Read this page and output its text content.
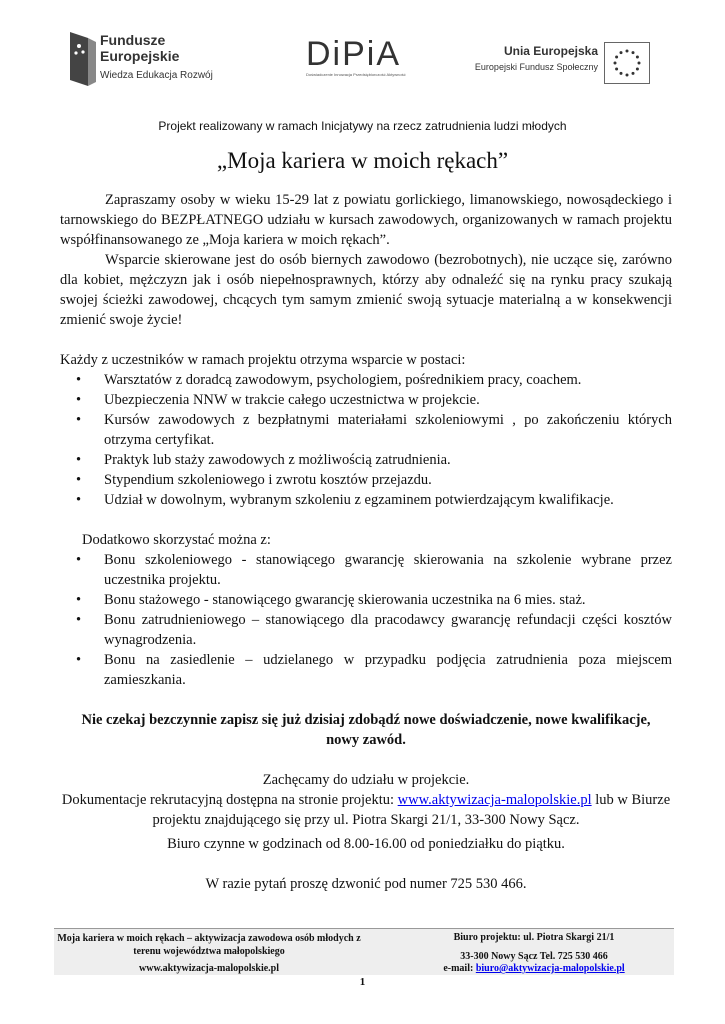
Fundusze
Europejskie
Wiedza Edukacja Rozwój
DiPiA
Doświadczenie Innowacja Przedsiębiorczość Aktywność
Unia Europejska
Europejski Fundusz Społeczny
Projekt realizowany w ramach Inicjatywy na rzecz zatrudnienia ludzi młodych
„Moja kariera w moich rękach”

Zapraszamy osoby w wieku 15-29 lat z powiatu gorlickiego, limanowskiego, nowosądeckiego i tarnowskiego do BEZPŁATNEGO udziału w kursach zawodowych, organizowanych w ramach projektu współfinansowanego ze „Moja kariera w moich rękach”.

Wsparcie skierowane jest do osób biernych zawodowo (bezrobotnych), nie uczące się, zarówno dla kobiet, mężczyzn jak i osób niepełnosprawnych, którzy aby odnaleźć się na rynku pracy szukają swojej ścieżki zawodowej, chcących tym samym zmienić swoją sytuacje materialną a w konsekwencji zmienić swoje życie!

Każdy z uczestników w ramach projektu otrzyma wsparcie w postaci:

• Warsztatów z doradcą zawodowym, psychologiem, pośrednikiem pracy, coachem.
• Ubezpieczenia NNW w trakcie całego uczestnictwa w projekcie.
• Kursów zawodowych z bezpłatnymi materiałami szkoleniowymi , po zakończeniu których otrzyma certyfikat.
• Praktyk lub staży zawodowych z możliwością zatrudnienia.
• Stypendium szkoleniowego i zwrotu kosztów przejazdu.
• Udział w dowolnym, wybranym szkoleniu z egzaminem potwierdzającym kwalifikacje.

Dodatkowo skorzystać można z:

• Bonu szkoleniowego - stanowiącego gwarancję skierowania na szkolenie wybrane przez uczestnika projektu.
• Bonu stażowego - stanowiącego gwarancję skierowania uczestnika na 6 mies. staż.
• Bonu zatrudnieniowego – stanowiącego dla pracodawcy gwarancję refundacji części kosztów wynagrodzenia.
• Bonu na zasiedlenie – udzielanego w przypadku podjęcia zatrudnienia poza miejscem zamieszkania.

Nie czekaj bezczynnie zapisz się już dzisiaj zdobądź nowe doświadczenie, nowe kwalifikacje, nowy zawód.

Zachęcamy do udziału w projekcie.

Dokumentacje rekrutacyjną dostępna na stronie projektu: www.aktywizacja-malopolskie.pl lub w Biurze projektu znajdującego się przy ul. Piotra Skargi 21/1, 33-300 Nowy Sącz.

Biuro czynne w godzinach od 8.00-16.00 od poniedziałku do piątku.

W razie pytań proszę dzwonić pod numer 725 530 466.

Moja kariera w moich rękach – aktywizacja zawodowa osób młodych z terenu województwa małopolskiego
www.aktywizacja-malopolskie.pl
Biuro projektu: ul. Piotra Skargi 21/1
33-300 Nowy Sącz Tel. 725 530 466
e-mail: biuro@aktywizacja-malopolskie.pl
1
